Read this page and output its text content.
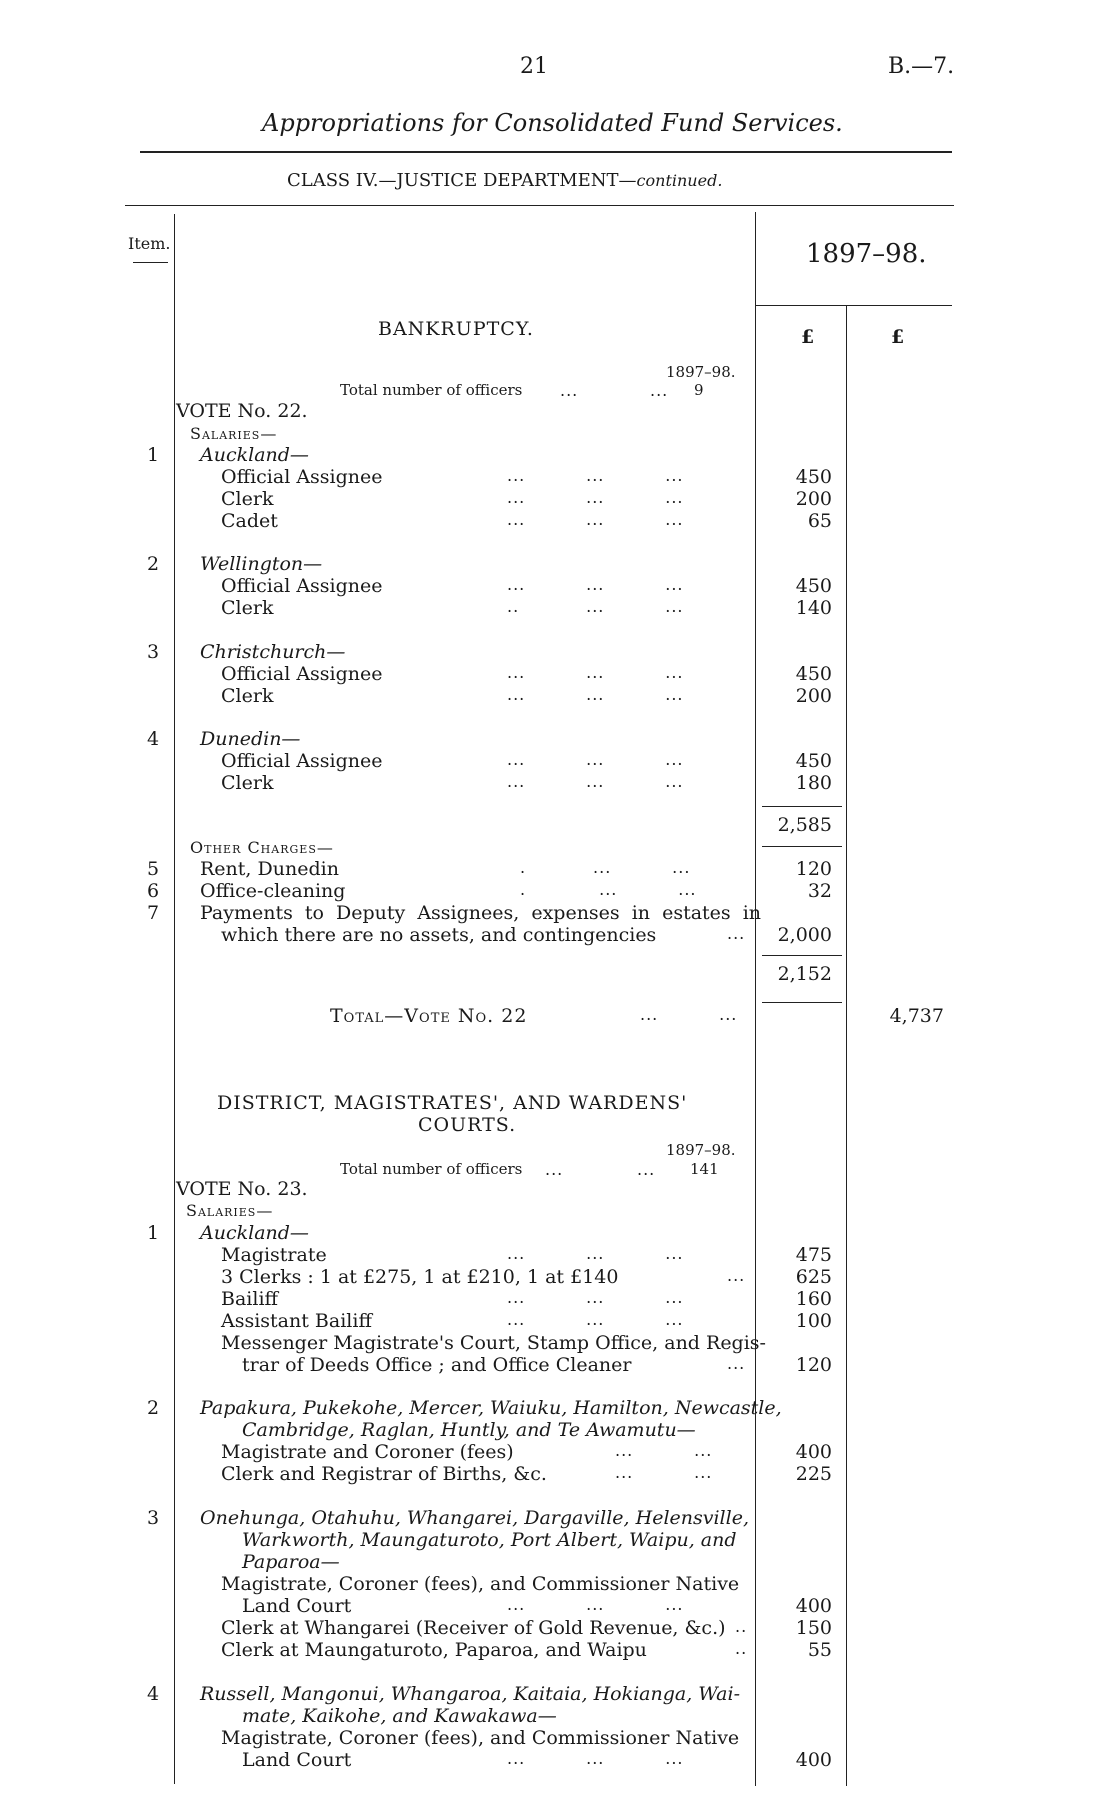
21	B.—7.
Appropriations for Consolidated Fund Services.
CLASS IV.—JUSTICE DEPARTMENT—continued.
Item.	1897–98.
£	£
BANKRUPTCY.
1897–98.
Total number of officers ...	... 9
VOTE No. 22.
Salaries—
1	Auckland—
Official Assignee	...          ...          ...	450
Clerk	...          ...          ...	200
Cadet	...          ...          ...	65
2	Wellington—
Official Assignee	...          ...          ...	450
Clerk	..           ...          ...	140
3	Christchurch—
Official Assignee	...          ...          ...	450
Clerk	...          ...          ...	200
4	Dunedin—
Official Assignee	...          ...          ...	450
Clerk	...          ...          ...	180
2,585
Other Charges—
5	Rent, Dunedin	.           ...          ...	120
6	Office-cleaning	.            ...          ...	32
7	Payments to Deputy Assignees, expenses in estates in
which there are no assets, and contingencies	...	2,000
2,152
Total—Vote No. 22	...          ...	4,737
DISTRICT, MAGISTRATES', AND WARDENS'
COURTS.
1897–98.
Total number of officers ...	... 141
VOTE No. 23.
Salaries—
1	Auckland—
Magistrate	...          ...          ...	475
3 Clerks : 1 at £275, 1 at £210, 1 at £140	...	625
Bailiff	...          ...          ...	160
Assistant Bailiff	...          ...          ...	100
Messenger Magistrate's Court, Stamp Office, and Regis-
trar of Deeds Office ; and Office Cleaner	...	120
2	Papakura, Pukekohe, Mercer, Waiuku, Hamilton, Newcastle,
Cambridge, Raglan, Huntly, and Te Awamutu—
Magistrate and Coroner (fees)	...          ...	400
Clerk and Registrar of Births, &c.	...          ...	225
3	Onehunga, Otahuhu, Whangarei, Dargaville, Helensville,
Warkworth, Maungaturoto, Port Albert, Waipu, and
Paparoa—
Magistrate, Coroner (fees), and Commissioner Native
Land Court	...          ...          ...	400
Clerk at Whangarei (Receiver of Gold Revenue, &c.) ..	150
Clerk at Maungaturoto, Paparoa, and Waipu	..	55
4	Russell, Mangonui, Whangaroa, Kaitaia, Hokianga, Wai-
mate, Kaikohe, and Kawakawa—
Magistrate, Coroner (fees), and Commissioner Native
Land Court	...          ...          ...	400
